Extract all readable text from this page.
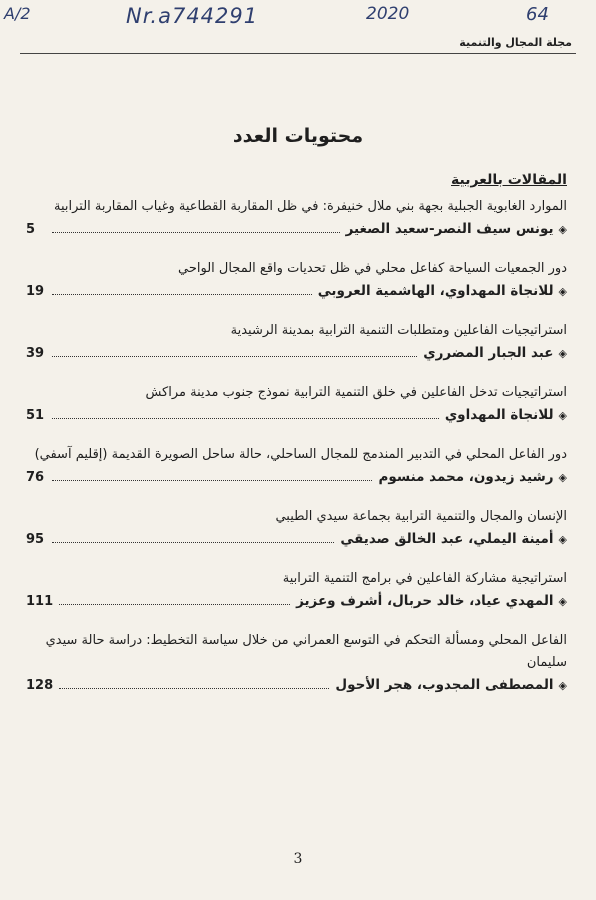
A/2	Nr.a744291	2020	64
مجلة المجال والتنمية
محتويات العدد
المقالات بالعربية

الموارد الغابوية الجبلية بجهة بني ملال خنيفرة: في ظل المقاربة القطاعية وغياب المقاربة الترابية

◈
يونس سيف النصر-سعيد الصغير
5

دور الجمعيات السياحة كفاعل محلي في ظل تحديات واقع المجال الواحي

◈
للانجاة المهداوي، الهاشمية العروبي
19

استراتيجيات الفاعلين ومتطلبات التنمية الترابية بمدينة الرشيدية

◈
عبد الجبار المضرري
39

استراتيجيات تدخل الفاعلين في خلق التنمية الترابية نموذج جنوب مدينة مراكش

◈
للانجاة المهداوي
51

دور الفاعل المحلي في التدبير المندمج للمجال الساحلي، حالة ساحل الصويرة القديمة (إقليم آسفي)

◈
رشيد زيدون، محمد منسوم
76

الإنسان والمجال والتنمية الترابية بجماعة سيدي الطيبي

◈
أمينة اليملي، عبد الخالق صديقي
95

استراتيجية مشاركة الفاعلين في برامج التنمية الترابية

◈
المهدي عياد، خالد حربال، أشرف وعزيز
111

الفاعل المحلي ومسألة التحكم في التوسع العمراني من خلال سياسة التخطيط: دراسة حالة سيدي سليمان

◈
المصطفى المجدوب، هجر الأحول
128
3
